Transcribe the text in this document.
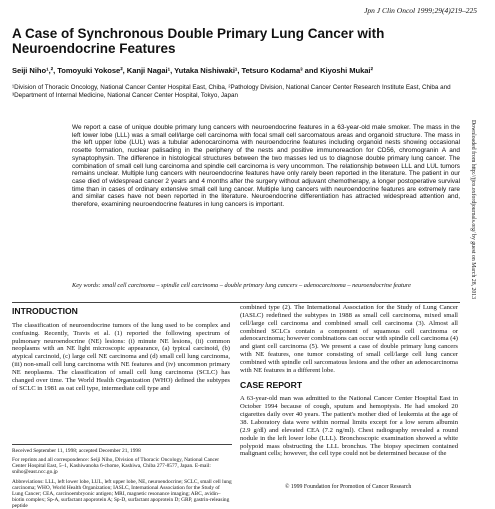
Jpn J Clin Oncol 1999;29(4)219–225
A Case of Synchronous Double Primary Lung Cancer with Neuroendocrine Features
Seiji Niho¹,², Tomoyuki Yokose², Kanji Nagai¹, Yutaka Nishiwaki¹, Tetsuro Kodama³ and Kiyoshi Mukai²
¹Division of Thoracic Oncology, National Cancer Center Hospital East, Chiba, ²Pathology Division, National Cancer Center Research Institute East, Chiba and ³Department of Internal Medicine, National Cancer Center Hospital, Tokyo, Japan
We report a case of unique double primary lung cancers with neuroendocrine features in a 63-year-old male smoker. The mass in the left lower lobe (LLL) was a small cell/large cell carcinoma with focal small cell sarcomatous areas and organoid structure. The mass in the left upper lobe (LUL) was a tubular adenocarcinoma with neuroendocrine features including organoid nests showing occasional rosette formation, nuclear palisading in the periphery of the nests and positive immunoreaction for CD56, chromogranin A and synaptophysin. The difference in histological structures between the two masses led us to diagnose double primary lung cancer. The combination of small cell lung carcinoma and spindle cell carcinoma is very uncommon. The relationship between LLL and LUL tumors remains unclear. Multiple lung cancers with neuroendocrine features have only rarely been reported in the literature. The patient in our case died of widespread cancer 2 years and 4 months after the surgery without adjuvant chemotherapy, a longer postoperative survival time than in cases of ordinary extensive small cell lung cancer. Multiple lung cancers with neuroendocrine features are extremely rare and similar cases have not been reported in the literature. Neuroendocrine differentiation has attracted widespread attention and, therefore, examining neuroendocrine features in lung cancers is important.
Key words: small cell carcinoma – spindle cell carcinoma – double primary lung cancers – adenocarcinoma – neuroendocrine feature
INTRODUCTION

The classification of neuroendocrine tumors of the lung used to be complex and confusing. Recently, Travis et al. (1) reported the following spectrum of pulmonary neuroendocrine (NE) lesions: (i) minute NE lesions, (ii) common neoplasms with an NE light microscopic appearance, (a) typical carcinoid, (b) atypical carcinoid, (c) large cell NE carcinoma and (d) small cell lung carcinoma, (iii) non-small cell lung carcinoma with NE features and (iv) uncommon primary NE neoplasms. The classification of small cell lung carcinoma (SCLC) has changed over time. The World Health Organization (WHO) defined the subtypes of SCLC in 1981 as oat cell type, intermediate cell type and

combined type (2). The International Association for the Study of Lung Cancer (IASLC) redefined the subtypes in 1988 as small cell carcinoma, mixed small cell/large cell carcinoma and combined small cell carcinoma (3). Almost all combined SCLCs contain a component of squamous cell carcinoma or adenocarcinoma; however combinations can occur with spindle cell carcinoma (4) and giant cell carcinoma (5). We present a case of double primary lung cancers with NE features, one tumor consisting of small cell/large cell lung cancer combined with spindle cell sarcomatous lesions and the other an adenocarcinoma with NE features in a different lobe.

CASE REPORT

A 63-year-old man was admitted to the National Cancer Center Hospital East in October 1994 because of cough, sputum and hemoptysis. He had smoked 20 cigarettes daily over 40 years. The patient's mother died of leukemia at the age of 38. Laboratory data were within normal limits except for a low serum albumin (2.9 g/dl) and elevated CEA (7.2 ng/ml). Chest radiography revealed a round nodule in the left lower lobe (LLL). Bronchoscopic examination showed a white polypoid mass obstructing the LLL bronchus. The biopsy specimen contained malignant cells; however, the cell type could not be determined because of the

Received September 11, 1998; accepted December 21, 1998
For reprints and all correspondence: Seiji Niho, Division of Thoracic Oncology, National Cancer Center Hospital East, 5–1, Kashiwanoha 6-chome, Kashiwa, Chiba 277-8577, Japan. E-mail: sniho@east.ncc.go.jp
Abbreviations: LLL, left lower lobe, LUL, left upper lobe, NE, neuroendocrine; SCLC, small cell lung carcinoma; WHO, World Health Organization; IASLC, International Association for the Study of Lung Cancer; CEA, carcinoembryonic antigen; MRI, magnetic resonance imaging; ABC, avidin–biotin complex; Sp-A, surfactant apoprotein A; Sp-D, surfactant apoprotein D; GRP, gastrin-releasing peptide
Downloaded from http://jjco.oxfordjournals.org/ by guest on March 28, 2013
© 1999 Foundation for Promotion of Cancer Research
